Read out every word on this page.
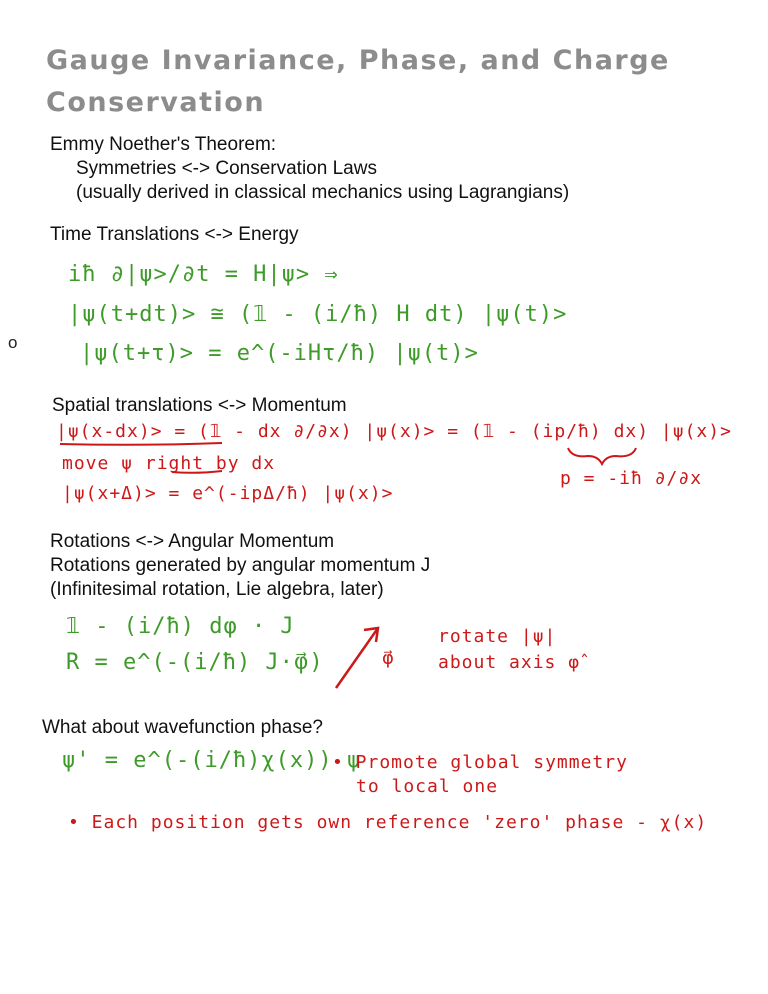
Gauge Invariance, Phase, and Charge Conservation
Emmy Noether's Theorem:
Symmetries <-> Conservation Laws
(usually derived in classical mechanics using Lagrangians)
Time Translations <-> Energy
iħ ∂|ψ>/∂t = H|ψ> ⇒
|ψ(t+dt)> ≅ (𝟙 - (i/ħ) H dt) |ψ(t)>
|ψ(t+τ)> = e^(-iHτ/ħ) |ψ(t)>
o
Spatial translations <-> Momentum
|ψ(x-dx)> = (𝟙 - dx ∂/∂x) |ψ(x)> = (𝟙 - (ip/ħ) dx) |ψ(x)>
move ψ right by dx
p = -iħ ∂/∂x
|ψ(x+Δ)> = e^(-ipΔ/ħ) |ψ(x)>
Rotations <-> Angular Momentum
Rotations generated by angular momentum J
(Infinitesimal rotation, Lie algebra, later)
𝟙 - (i/ħ) dφ · J
R = e^(-(i/ħ) J·φ⃗)	φ⃗
rotate |ψ|
about axis φ̂
What about wavefunction phase?
ψ' = e^(-(i/ħ)χ(x)) ψ
• Promote global symmetry
to local one
• Each position gets own reference 'zero' phase - χ(x)
